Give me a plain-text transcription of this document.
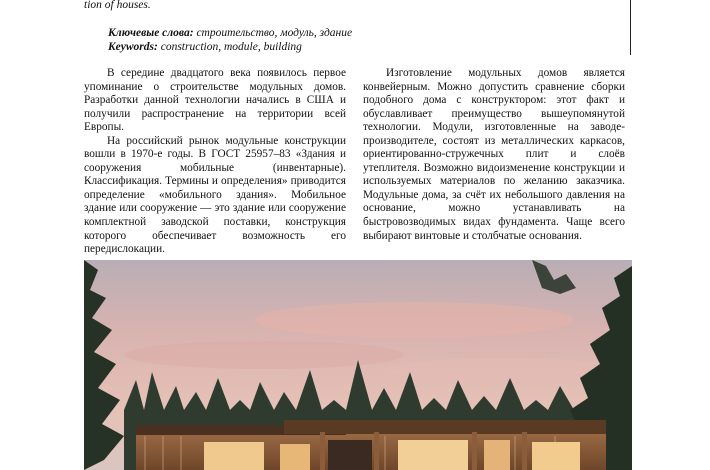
tion of houses.
Ключевые слова: строительство, модуль, здание
Keywords: construction, module, building

В середине двадцатого века появилось первое упоминание о строительстве модульных домов. Разработки данной технологии начались в США и получили распространение на территории всей Европы.

На российский рынок модульные конструкции вошли в 1970-е годы. В ГОСТ 25957–83 «Здания и сооружения мобильные (инвентарные). Классификация. Термины и определения» приводится определение «мобильного здания». Мобильное здание или сооружение — это здание или сооружение комплектной заводской поставки, конструкция которого обеспечивает возможность его передислокации.

Изготовление модульных домов является конвейерным. Можно допустить сравнение сборки подобного дома с конструктором: этот факт и обуславливает преимущество вышеупомянутой технологии. Модули, изготовленные на заводе-производителе, состоят из металлических каркасов, ориентированно-стружечных плит и слоёв утеплителя. Возможно видоизменение конструкции и используемых материалов по желанию заказчика. Модульные дома, за счёт их небольшого давления на основание, можно устанавливать на быстровозводимых видах фундамента. Чаще всего выбирают винтовые и столбчатые основания.
